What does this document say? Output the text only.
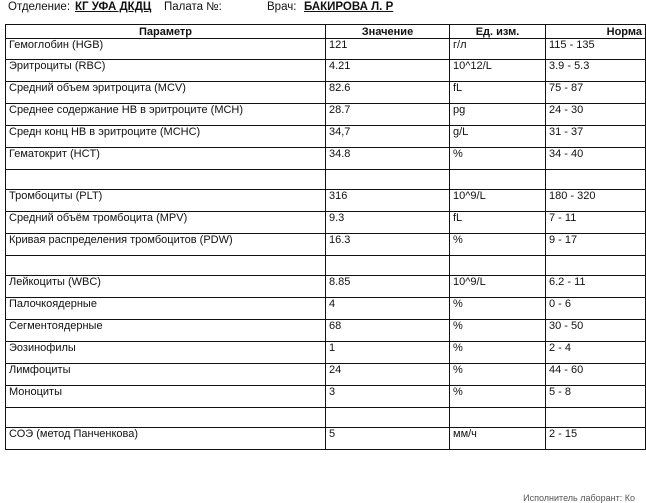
Отделение: КГ УФА ДКДЦ Палата №:	Врач: БАКИРОВА Л. Р
Параметр	Значение	Ед. изм.	Норма
Гемоглобин (HGB)	121	г/л	115 - 135
Эритроциты (RBC)	4.21	10^12/L	3.9 - 5.3
Средний объем эритроцита (MCV)	82.6	fL	75 - 87
Среднее содержание HB в эритроците (MCH)	28.7	pg	24 - 30
Средн конц HB в эритроците (MCHC)	34,7	g/L	31 - 37
Гематокрит (HCT)	34.8	%	34 - 40

Тромбоциты (PLT)	316	10^9/L	180 - 320
Средний объём тромбоцита (MPV)	9.3	fL	7 - 11
Кривая распределения тромбоцитов (PDW)	16.3	%	9 - 17

Лейкоциты (WBC)	8.85	10^9/L	6.2 - 11
Палочкоядерные	4	%	0 - 6
Сегментоядерные	68	%	30 - 50
Эозинофилы	1	%	2 - 4
Лимфоциты	24	%	44 - 60
Моноциты	3	%	5 - 8

СОЭ (метод Панченкова)	5	мм/ч	2 - 15
Исполнитель лаборант: Ко
